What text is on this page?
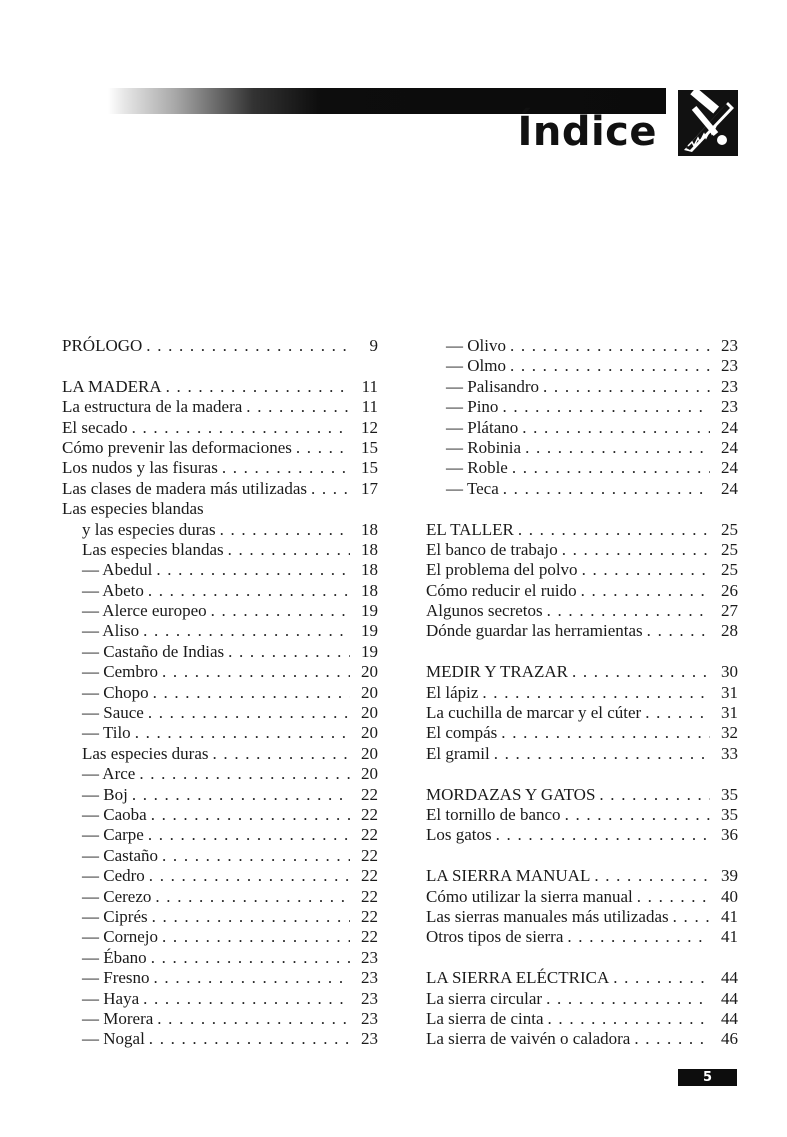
Índice
PRÓLOGO . . .	9
LA MADERA . . .	11
La estructura de la madera . . .	11
El secado . . .	12
Cómo prevenir las deformaciones . . .	15
Los nudos y las fisuras . . .	15
Las clases de madera más utilizadas . . .	17
Las especies blandas
y las especies duras . . .	18
Las especies blandas . . .	18
— Abedul . . .	18
— Abeto . . .	18
— Alerce europeo . . .	19
— Aliso . . .	19
— Castaño de Indias . . .	19
— Cembro . . .	20
— Chopo . . .	20
— Sauce . . .	20
— Tilo . . .	20
Las especies duras . . .	20
— Arce . . .	20
— Boj . . .	22
— Caoba . . .	22
— Carpe . . .	22
— Castaño . . .	22
— Cedro . . .	22
— Cerezo . . .	22
— Ciprés . . .	22
— Cornejo . . .	22
— Ébano . . .	23
— Fresno . . .	23
— Haya . . .	23
— Morera . . .	23
— Nogal . . .	23
— Olivo . . .	23
— Olmo . . .	23
— Palisandro . . .	23
— Pino . . .	23
— Plátano . . .	24
— Robinia . . .	24
— Roble . . .	24
— Teca . . .	24
EL TALLER . . .	25
El banco de trabajo . . .	25
El problema del polvo . . .	25
Cómo reducir el ruido . . .	26
Algunos secretos . . .	27
Dónde guardar las herramientas . . .	28
MEDIR Y TRAZAR . . .	30
El lápiz . . .	31
La cuchilla de marcar y el cúter . . .	31
El compás . . .	32
El gramil . . .	33
MORDAZAS Y GATOS . . .	35
El tornillo de banco . . .	35
Los gatos . . .	36
LA SIERRA MANUAL . . .	39
Cómo utilizar la sierra manual . . .	40
Las sierras manuales más utilizadas . . .	41
Otros tipos de sierra . . .	41
LA SIERRA ELÉCTRICA . . .	44
La sierra circular . . .	44
La sierra de cinta . . .	44
La sierra de vaivén o caladora . . .	46
5
